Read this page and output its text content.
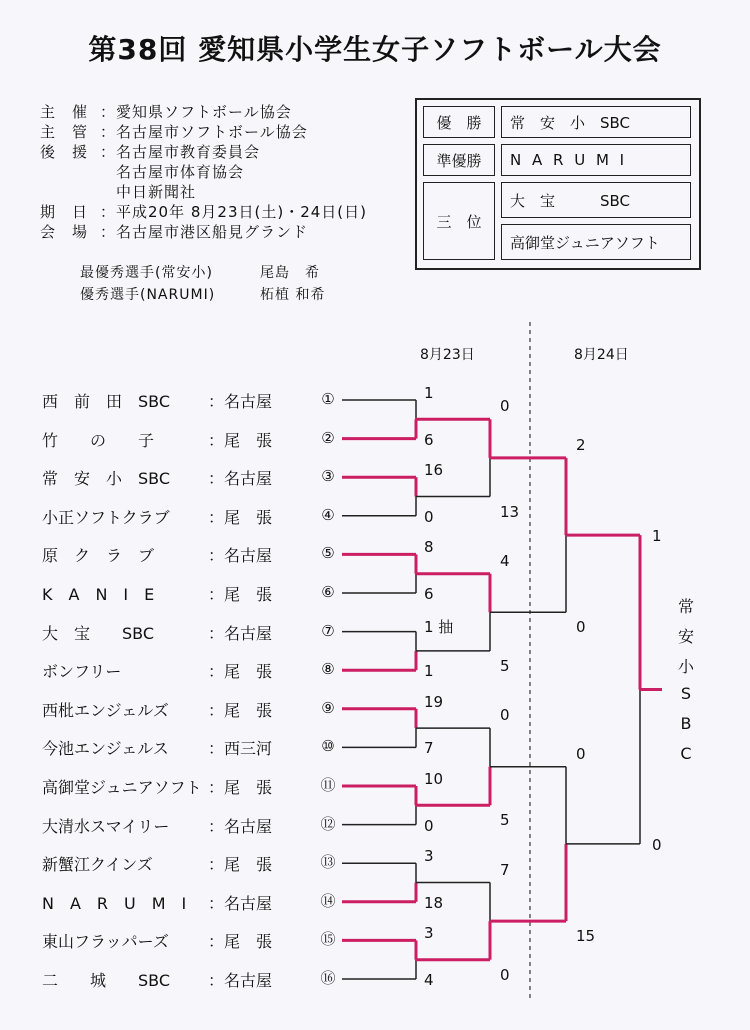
第38回 愛知県小学生女子ソフトボール大会
主　催 ：愛知県ソフトボール協会
主　管 ：名古屋市ソフトボール協会
後　援 ：名古屋市教育委員会
　名古屋市体育協会
　中日新聞社
期　日 ：平成20年 8月23日(土)・24日(日)
会　場 ：名古屋市港区船見グランド
最優秀選手(常安小)	尾島　希
優秀選手(NARUMI)	柘植 和希
優　勝	常　安　小　SBC
準優勝	N A R U M I
三　位
大　宝　　　SBC
高御堂ジュニアソフト
8月23日	8月24日
西　前　田　SBC ： 名古屋	①
竹　　の　　子	： 尾　張	②
常　安　小　SBC ： 名古屋	③
小正ソフトクラブ ： 尾　張	④
原　ク　ラ　ブ	： 名古屋	⑤
K　A　N　I　E	： 尾　張	⑥
大　宝　　SBC	： 名古屋	⑦
ボンフリー	： 尾　張	⑧
西枇エンジェルズ ： 尾　張	⑨
今池エンジェルス ： 西三河	⑩
高御堂ジュニアソフト ： 尾　張	⑪
大清水スマイリー ： 名古屋	⑫
新蟹江クインズ	： 尾　張	⑬
N　A　R　U　M　I ： 名古屋	⑭
東山フラッパーズ ： 尾　張	⑮
二　　城　　SBC ： 名古屋	⑯
1
6
16
0
8
6
1 抽
1
19
7
10
0
3
18
3
4
0
13
4
5
0
5
7
0
2
0
0
15
1
0
常
安
小
S
B
C
